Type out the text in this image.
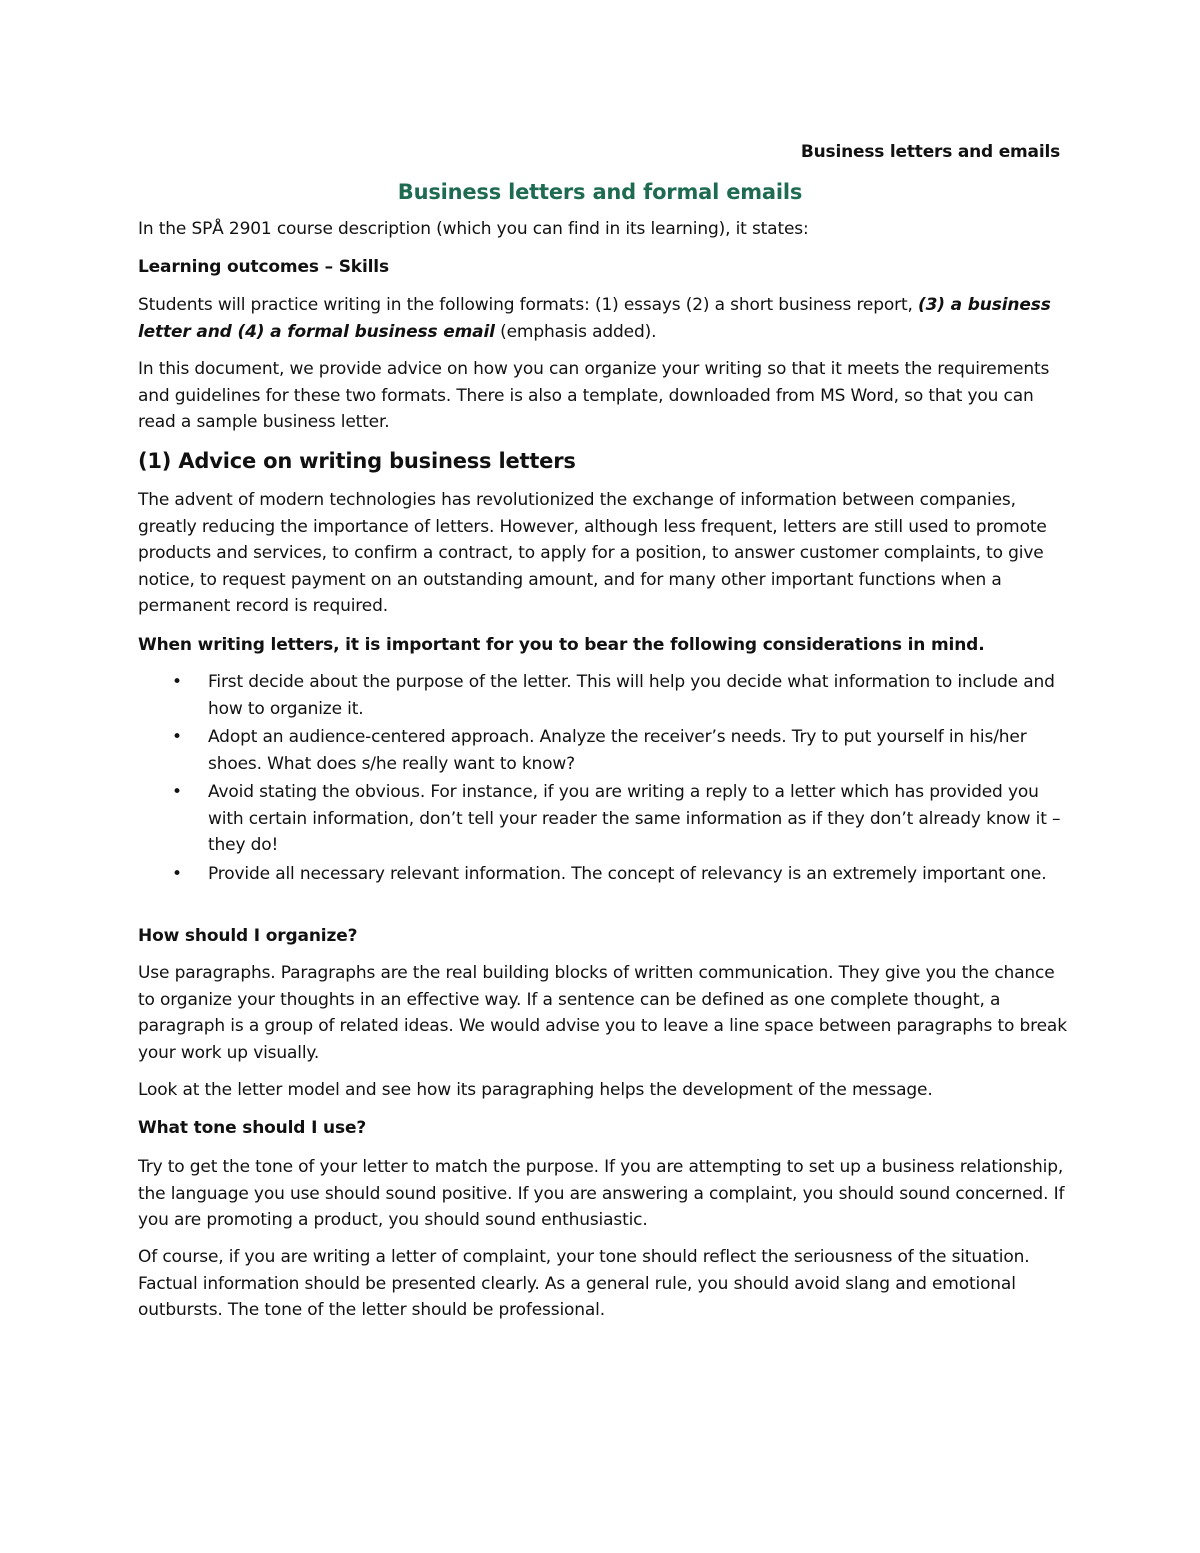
Business letters and emails
Business letters and formal emails

In the SPÅ 2901 course description (which you can find in its learning), it states:

Learning outcomes – Skills

Students will practice writing in the following formats: (1) essays (2) a short business report, (3) a business letter and (4) a formal business email (emphasis added).

In this document, we provide advice on how you can organize your writing so that it meets the requirements and guidelines for these two formats. There is also a template, downloaded from MS Word, so that you can read a sample business letter.

(1) Advice on writing business letters

The advent of modern technologies has revolutionized the exchange of information between companies, greatly reducing the importance of letters. However, although less frequent, letters are still used to promote products and services, to confirm a contract, to apply for a position, to answer customer complaints, to give notice, to request payment on an outstanding amount, and for many other important functions when a permanent record is required.

When writing letters, it is important for you to bear the following considerations in mind.

• First decide about the purpose of the letter. This will help you decide what information to include and how to organize it.
• Adopt an audience-centered approach. Analyze the receiver’s needs. Try to put yourself in his/her shoes. What does s/he really want to know?
• Avoid stating the obvious. For instance, if you are writing a reply to a letter which has provided you with certain information, don’t tell your reader the same information as if they don’t already know it – they do!
• Provide all necessary relevant information. The concept of relevancy is an extremely important one.

How should I organize?

Use paragraphs. Paragraphs are the real building blocks of written communication. They give you the chance to organize your thoughts in an effective way. If a sentence can be defined as one complete thought, a paragraph is a group of related ideas. We would advise you to leave a line space between paragraphs to break your work up visually.

Look at the letter model and see how its paragraphing helps the development of the message.

What tone should I use?

Try to get the tone of your letter to match the purpose. If you are attempting to set up a business relationship, the language you use should sound positive. If you are answering a complaint, you should sound concerned. If you are promoting a product, you should sound enthusiastic.

Of course, if you are writing a letter of complaint, your tone should reflect the seriousness of the situation. Factual information should be presented clearly. As a general rule, you should avoid slang and emotional outbursts. The tone of the letter should be professional.
